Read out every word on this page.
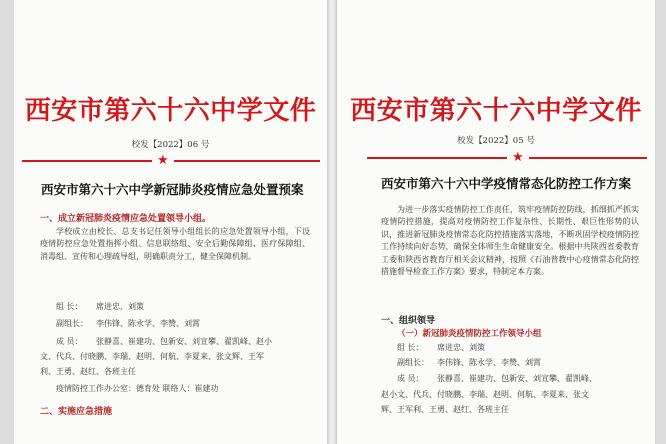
西安市第六十六中学文件
校发【2022】06 号
★
西安市第六十六中学新冠肺炎疫情应急处置预案
一、成立新冠肺炎疫情应急处置领导小组。
学校成立由校长、总支书记任领导小组组长的应急处置领导小组，下设疫情防控应急处置指挥小组、信息联络组、安全后勤保障组、医疗保障组、消毒组、宣传和心理疏导组，明确职责分工，健全保障机制。
组 长： 席进忠、刘策
副组长： 李伟锋、陈永学、李赞、刘霄
成 员： 张静喜、崔建功、包新安、刘宣攀、翟凯峰、赵小
文、代兵、付晓鹏、李瑞、赵明、何航、李夏来、张文辉、王军
利、王勇、赵红、各班主任
疫情防控工作办公室：德育处 联络人：崔建功
二、实施应急措施
西安市第六十六中学文件
校发【2022】05 号
★
西安市第六十六中学疫情常态化防控工作方案
为进一步落实疫情防控工作责任，筑牢疫情防控防线，抓细抓严抓实疫情防控措施，提高对疫情防控工作复杂性、长期性、艰巨性形势的认识，推进新冠肺炎疫情常态化防控措施落实落地，不断巩固学校疫情防控工作持续向好态势，确保全体师生生命健康安全。根据中共陕西省委教育工委和陕西省教育厅相关会议精神，按照《石油普教中心疫情常态化防控措施督导检查工作方案》要求，特制定本方案。
一、组织领导
（一）新冠肺炎疫情防控工作领导小组
组 长： 席进忠、刘策
副组长： 李伟锋、陈永学、李赞、刘霄
成 员： 张静喜、崔建功、包新安、刘宣攀、翟凯峰、
赵小文、代兵、付晓鹏、李瑞、赵明、何航、李夏来、张文
辉、王军利、王勇、赵红、各班主任
